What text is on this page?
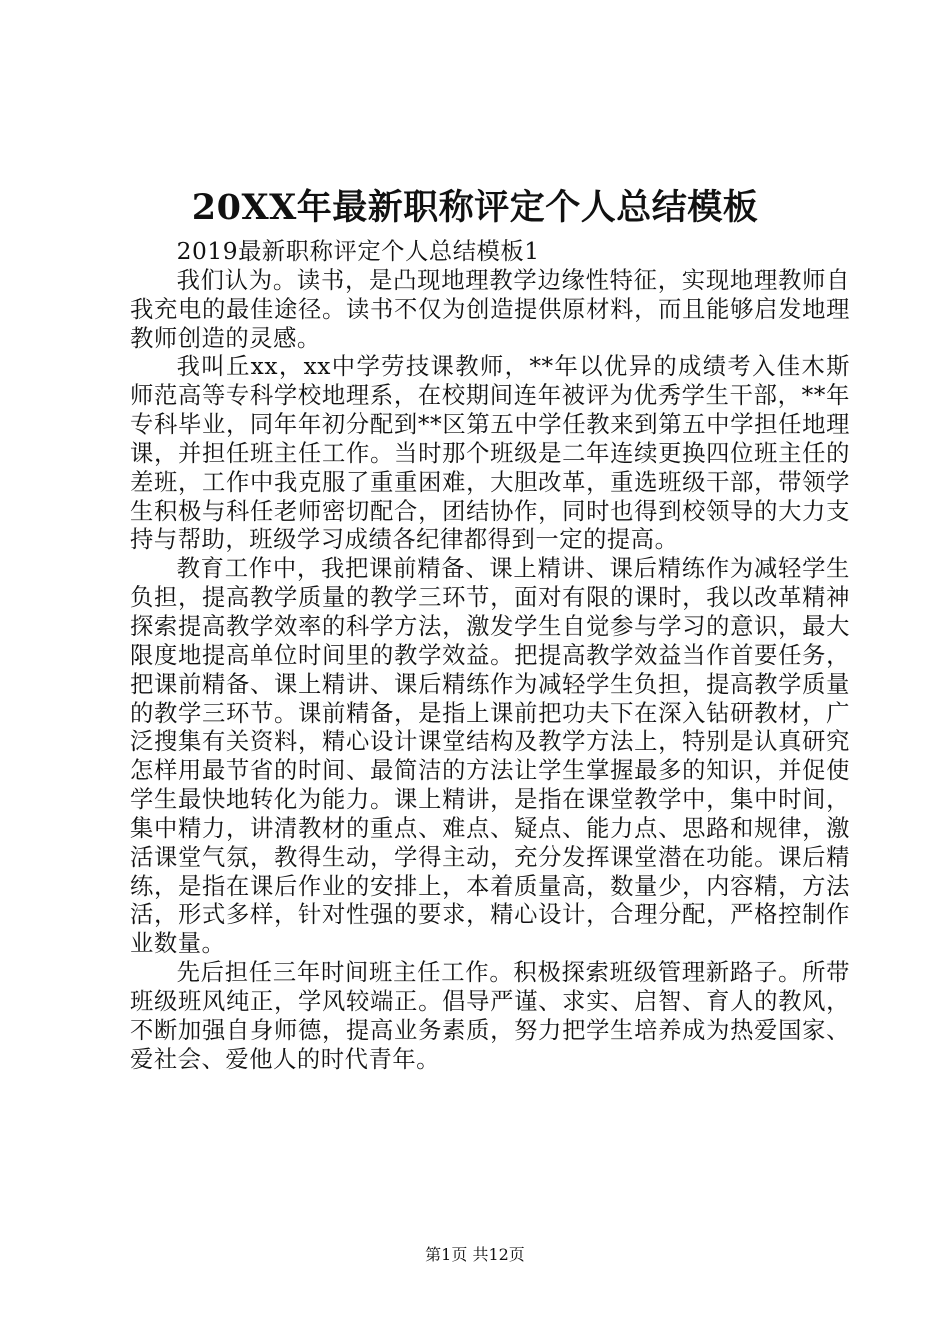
20XX年最新职称评定个人总结模板

2019最新职称评定个人总结模板1

我们认为。读书，是凸现地理教学边缘性特征，实现地理教师自我充电的最佳途径。读书不仅为创造提供原材料，而且能够启发地理教师创造的灵感。

我叫丘xx，xx中学劳技课教师，**年以优异的成绩考入佳木斯师范高等专科学校地理系，在校期间连年被评为优秀学生干部，**年专科毕业，同年年初分配到**区第五中学任教来到第五中学担任地理课，并担任班主任工作。当时那个班级是二年连续更换四位班主任的差班，工作中我克服了重重困难，大胆改革，重选班级干部，带领学生积极与科任老师密切配合，团结协作，同时也得到校领导的大力支持与帮助，班级学习成绩各纪律都得到一定的提高。

教育工作中，我把课前精备、课上精讲、课后精练作为减轻学生负担，提高教学质量的教学三环节，面对有限的课时，我以改革精神探索提高教学效率的科学方法，激发学生自觉参与学习的意识，最大限度地提高单位时间里的教学效益。把提高教学效益当作首要任务，把课前精备、课上精讲、课后精练作为减轻学生负担，提高教学质量的教学三环节。课前精备，是指上课前把功夫下在深入钻研教材，广泛搜集有关资料，精心设计课堂结构及教学方法上，特别是认真研究怎样用最节省的时间、最简洁的方法让学生掌握最多的知识，并促使学生最快地转化为能力。课上精讲，是指在课堂教学中，集中时间，集中精力，讲清教材的重点、难点、疑点、能力点、思路和规律，激活课堂气氛，教得生动，学得主动，充分发挥课堂潜在功能。课后精练，是指在课后作业的安排上，本着质量高，数量少，内容精，方法活，形式多样，针对性强的要求，精心设计，合理分配，严格控制作业数量。

先后担任三年时间班主任工作。积极探索班级管理新路子。所带班级班风纯正，学风较端正。倡导严谨、求实、启智、育人的教风，不断加强自身师德，提高业务素质，努力把学生培养成为热爱国家、爱社会、爱他人的时代青年。

第1页 共12页
